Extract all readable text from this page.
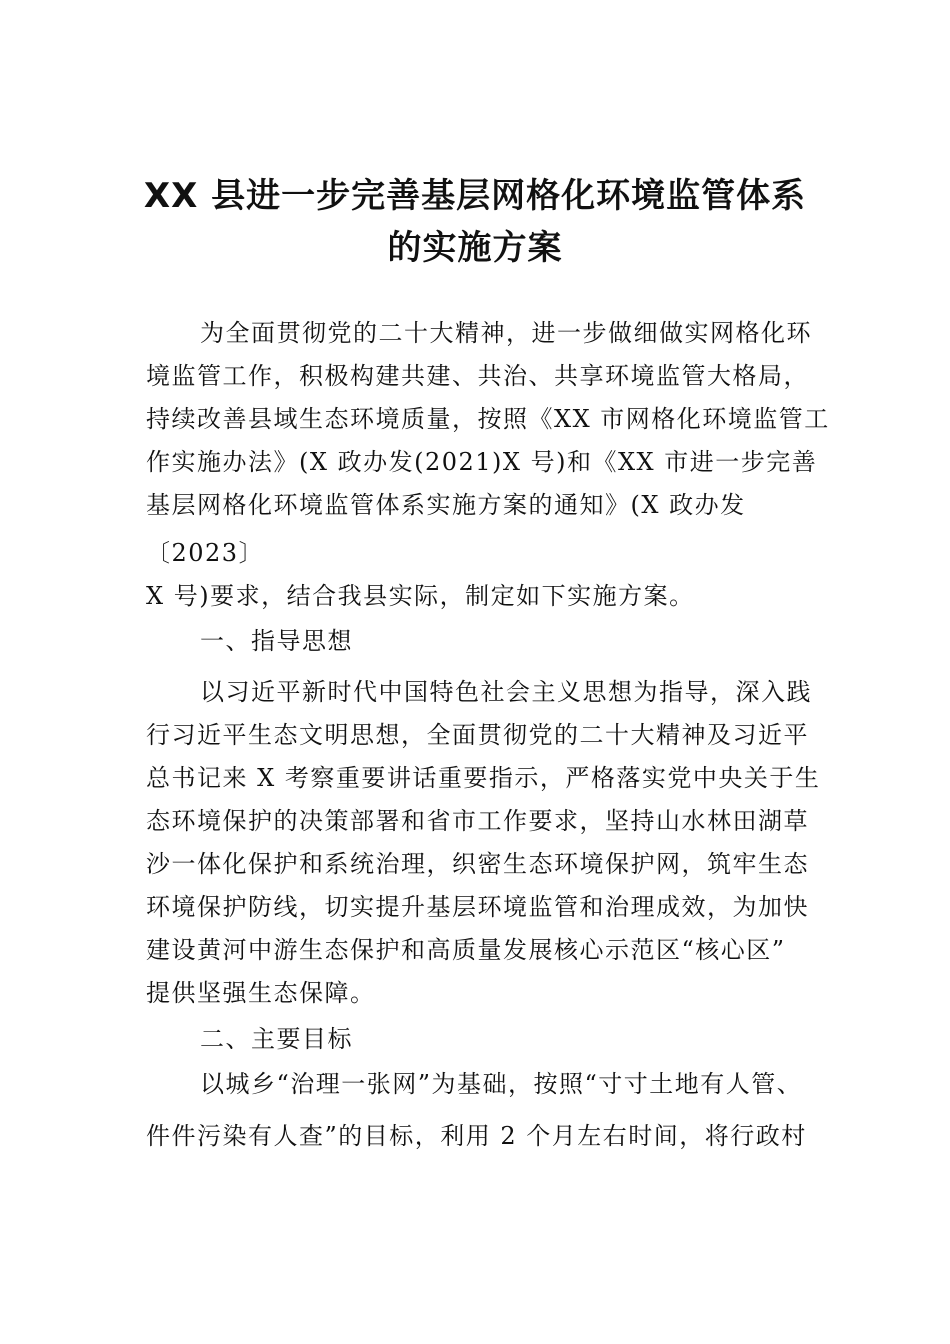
XX 县进一步完善基层网格化环境监管体系
的实施方案
为全面贯彻党的二十大精神，进一步做细做实网格化环
境监管工作，积极构建共建、共治、共享环境监管大格局，
持续改善县域生态环境质量，按照《XX 市网格化环境监管工
作实施办法》(X 政办发(2021)X 号)和《XX 市进一步完善
基层网格化环境监管体系实施方案的通知》(X 政办发
〔2023〕
X 号)要求，结合我县实际，制定如下实施方案。
一、指导思想
以习近平新时代中国特色社会主义思想为指导，深入践
行习近平生态文明思想，全面贯彻党的二十大精神及习近平
总书记来 X 考察重要讲话重要指示，严格落实党中央关于生
态环境保护的决策部署和省市工作要求，坚持山水林田湖草
沙一体化保护和系统治理，织密生态环境保护网，筑牢生态
环境保护防线，切实提升基层环境监管和治理成效，为加快
建设黄河中游生态保护和高质量发展核心示范区“核心区”
提供坚强生态保障。
二、主要目标
以城乡“治理一张网”为基础，按照“寸寸土地有人管、
件件污染有人查”的目标，利用 2 个月左右时间，将行政村
